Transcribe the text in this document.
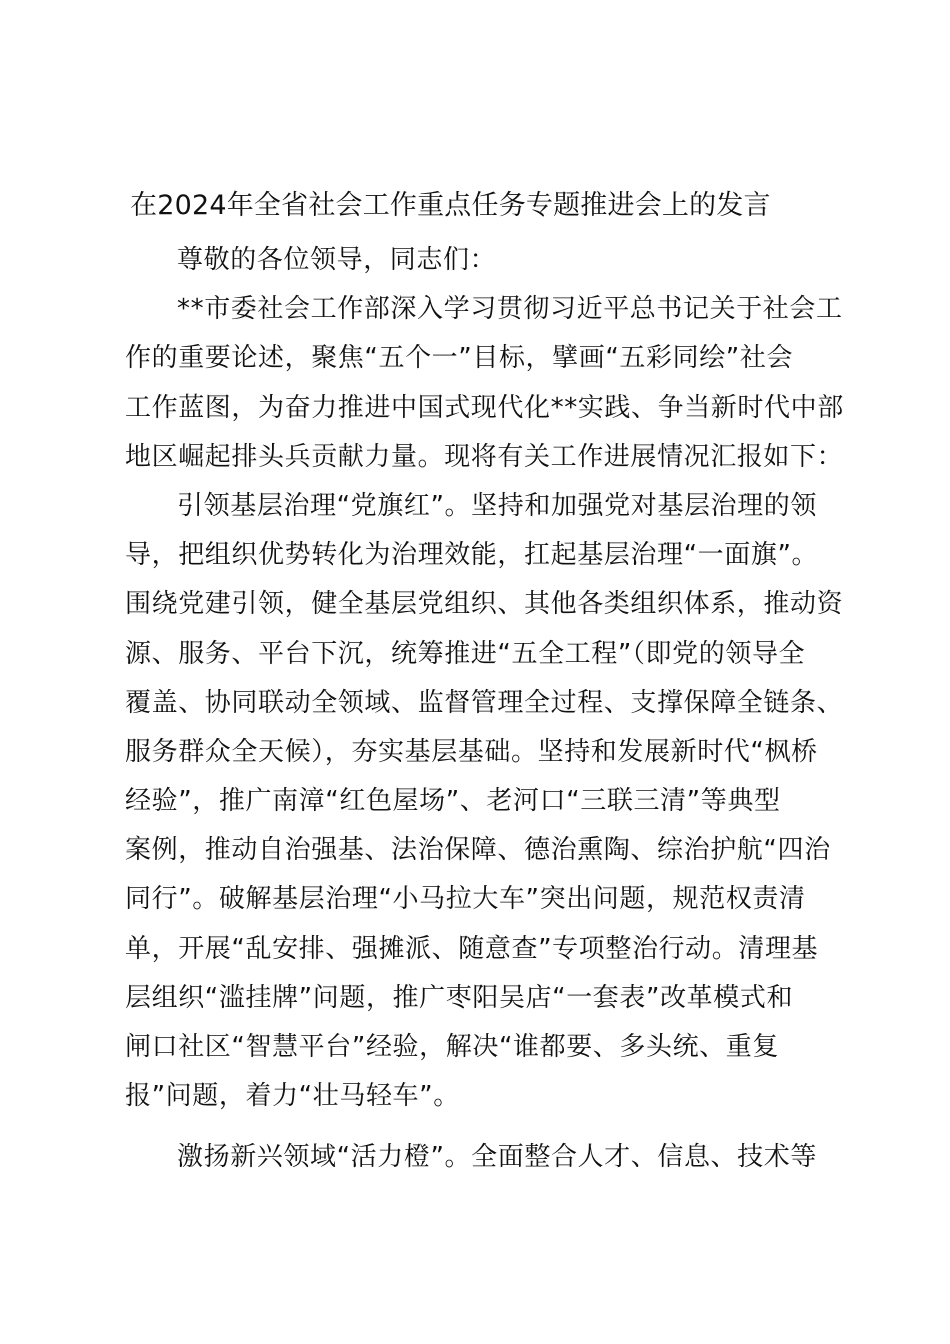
在2024年全省社会工作重点任务专题推进会上的发言
尊敬的各位领导，同志们：
**市委社会工作部深入学习贯彻习近平总书记关于社会工
作的重要论述，聚焦“五个一”目标，擘画“五彩同绘”社会
工作蓝图，为奋力推进中国式现代化**实践、争当新时代中部
地区崛起排头兵贡献力量。现将有关工作进展情况汇报如下：
引领基层治理“党旗红”。坚持和加强党对基层治理的领
导，把组织优势转化为治理效能，扛起基层治理“一面旗”。
围绕党建引领，健全基层党组织、其他各类组织体系，推动资
源、服务、平台下沉，统筹推进“五全工程”（即党的领导全
覆盖、协同联动全领域、监督管理全过程、支撑保障全链条、
服务群众全天候），夯实基层基础。坚持和发展新时代“枫桥
经验”，推广南漳“红色屋场”、老河口“三联三清”等典型
案例，推动自治强基、法治保障、德治熏陶、综治护航“四治
同行”。破解基层治理“小马拉大车”突出问题，规范权责清
单，开展“乱安排、强摊派、随意查”专项整治行动。清理基
层组织“滥挂牌”问题，推广枣阳吴店“一套表”改革模式和
闸口社区“智慧平台”经验，解决“谁都要、多头统、重复
报”问题，着力“壮马轻车”。
激扬新兴领域“活力橙”。全面整合人才、信息、技术等
